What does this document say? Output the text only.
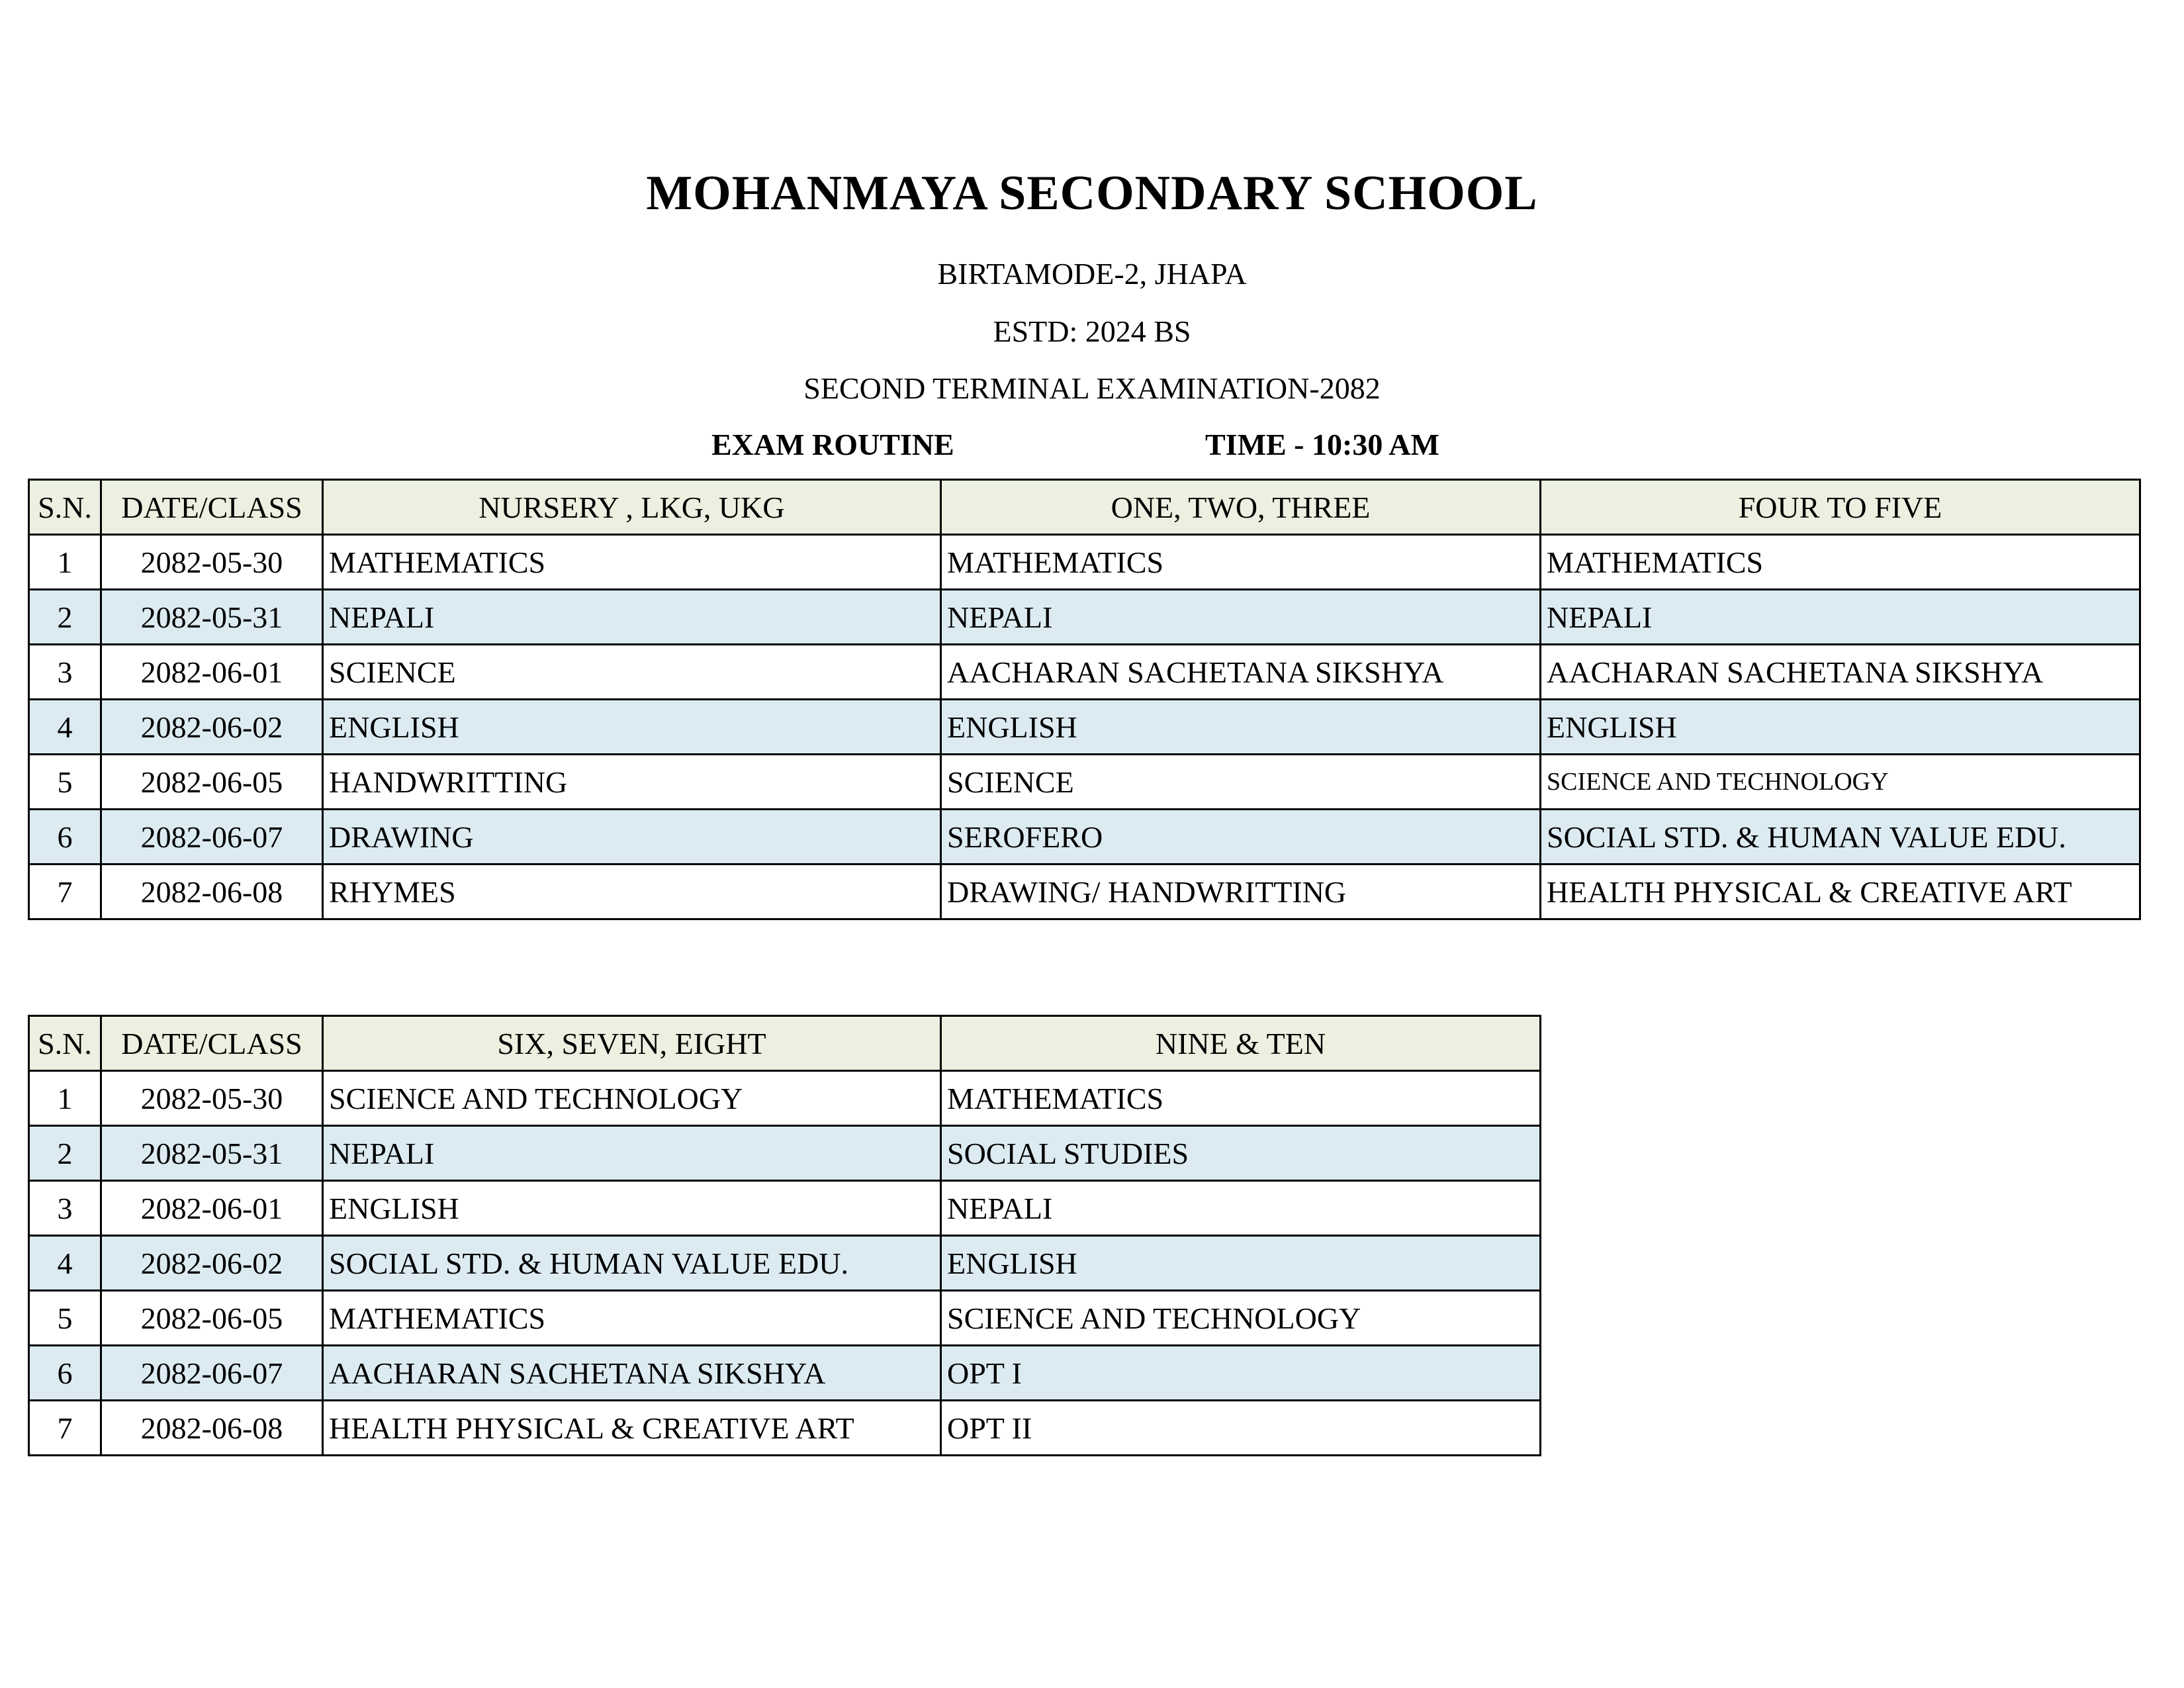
MOHANMAYA SECONDARY SCHOOL
BIRTAMODE-2, JHAPA
ESTD: 2024 BS
SECOND TERMINAL EXAMINATION-2082
EXAM ROUTINE	TIME - 10:30 AM
S.N.	DATE/CLASS	NURSERY , LKG, UKG	ONE, TWO, THREE	FOUR TO FIVE
1	2082-05-30	MATHEMATICS	MATHEMATICS	MATHEMATICS
2	2082-05-31	NEPALI	NEPALI	NEPALI
3	2082-06-01	SCIENCE	AACHARAN SACHETANA SIKSHYA	AACHARAN SACHETANA SIKSHYA
4	2082-06-02	ENGLISH	ENGLISH	ENGLISH
5	2082-06-05	HANDWRITTING	SCIENCE	SCIENCE AND TECHNOLOGY
6	2082-06-07	DRAWING	SEROFERO	SOCIAL STD. & HUMAN VALUE EDU.
7	2082-06-08	RHYMES	DRAWING/ HANDWRITTING	HEALTH PHYSICAL & CREATIVE ART
S.N.	DATE/CLASS	SIX, SEVEN, EIGHT	NINE & TEN
1	2082-05-30	SCIENCE AND TECHNOLOGY	MATHEMATICS
2	2082-05-31	NEPALI	SOCIAL STUDIES
3	2082-06-01	ENGLISH	NEPALI
4	2082-06-02	SOCIAL STD. & HUMAN VALUE EDU.	ENGLISH
5	2082-06-05	MATHEMATICS	SCIENCE AND TECHNOLOGY
6	2082-06-07	AACHARAN SACHETANA SIKSHYA	OPT I
7	2082-06-08	HEALTH PHYSICAL & CREATIVE ART	OPT II
